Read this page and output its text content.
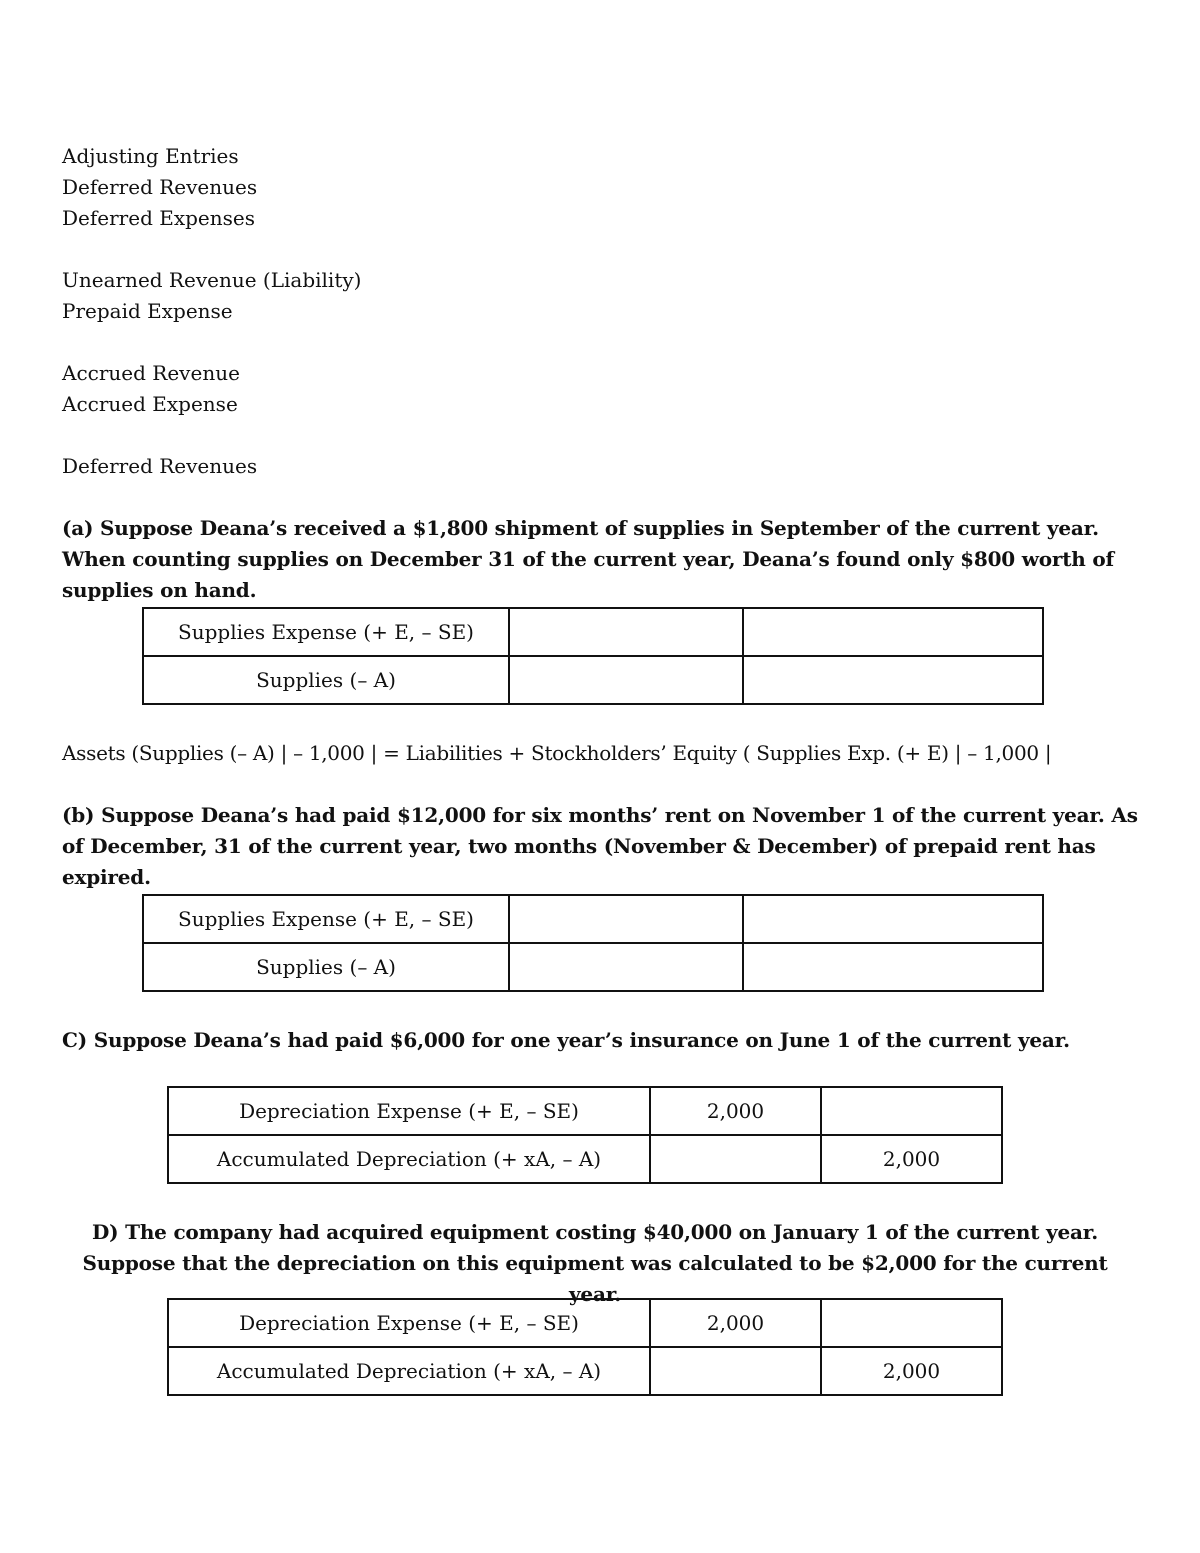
Adjusting Entries
Deferred Revenues
Deferred Expenses
Unearned Revenue (Liability)
Prepaid Expense
Accrued Revenue
Accrued Expense
Deferred Revenues
(a) Suppose Deana’s received a $1,800 shipment of supplies in September of the current year. When counting supplies on December 31 of the current year, Deana’s found only $800 worth of supplies on hand.
Supplies Expense (+ E, – SE)		
Supplies (– A)		
Assets (Supplies (– A) | – 1,000 | = Liabilities + Stockholders’ Equity ( Supplies Exp. (+ E) | – 1,000 |
(b) Suppose Deana’s had paid $12,000 for six months’ rent on November 1 of the current year. As of December, 31 of the current year, two months (November & December) of prepaid rent has expired.
Supplies Expense (+ E, – SE)		
Supplies (– A)		
C) Suppose Deana’s had paid $6,000 for one year’s insurance on June 1 of the current year.
Depreciation Expense (+ E, – SE)	2,000	
Accumulated Depreciation (+ xA, – A)		2,000
D) The company had acquired equipment costing $40,000 on January 1 of the current year. Suppose that the depreciation on this equipment was calculated to be $2,000 for the current year.
Depreciation Expense (+ E, – SE)	2,000	
Accumulated Depreciation (+ xA, – A)		2,000
